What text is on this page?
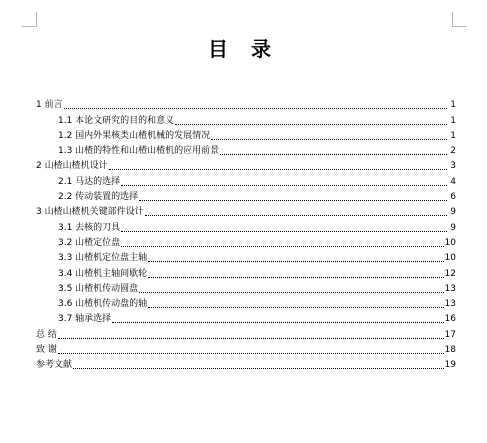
目 录
1 前言	1
1.1 本论文研究的目的和意义	1
1.2 国内外果核类山楂机械的发展情况	1
1.3 山楂的特性和山楂山楂机的应用前景	2
2 山楂山楂机设计	3
2.1 马达的选择	4
2.2 传动装置的选择	6
3 山楂山楂机关键部件设计	9
3.1 去核的刀具	9
3.2 山楂定位盘	10
3.3 山楂机定位盘主轴	10
3.4 山楂机主轴间歇轮	12
3.5 山楂机传动圆盘	13
3.6 山楂机传动盘的轴	13
3.7 轴承选择	16
总 结	17
致 谢	18
参考文献	19
